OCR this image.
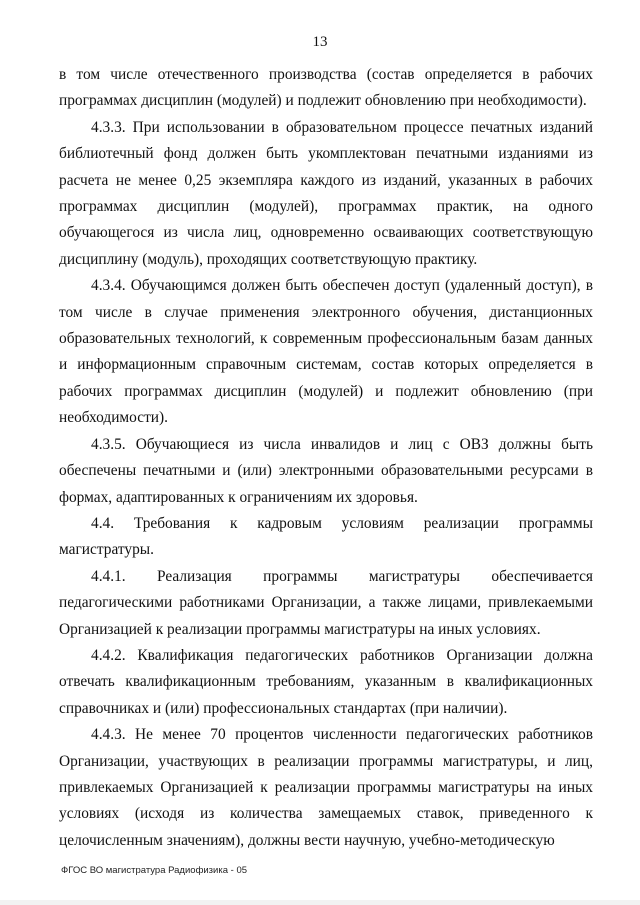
13

в том числе отечественного производства (состав определяется в рабочих программах дисциплин (модулей) и подлежит обновлению при необходимости).

4.3.3. При использовании в образовательном процессе печатных изданий библиотечный фонд должен быть укомплектован печатными изданиями из расчета не менее 0,25 экземпляра каждого из изданий, указанных в рабочих программах дисциплин (модулей), программах практик, на одного обучающегося из числа лиц, одновременно осваивающих соответствующую дисциплину (модуль), проходящих соответствующую практику.

4.3.4. Обучающимся должен быть обеспечен доступ (удаленный доступ), в том числе в случае применения электронного обучения, дистанционных образовательных технологий, к современным профессиональным базам данных и информационным справочным системам, состав которых определяется в рабочих программах дисциплин (модулей) и подлежит обновлению (при необходимости).

4.3.5. Обучающиеся из числа инвалидов и лиц с ОВЗ должны быть обеспечены печатными и (или) электронными образовательными ресурсами в формах, адаптированных к ограничениям их здоровья.

4.4. Требования к кадровым условиям реализации программы магистратуры.

4.4.1. Реализация программы магистратуры обеспечивается педагогическими работниками Организации, а также лицами, привлекаемыми Организацией к реализации программы магистратуры на иных условиях.

4.4.2. Квалификация педагогических работников Организации должна отвечать квалификационным требованиям, указанным в квалификационных справочниках и (или) профессиональных стандартах (при наличии).

4.4.3. Не менее 70 процентов численности педагогических работников Организации, участвующих в реализации программы магистратуры, и лиц, привлекаемых Организацией к реализации программы магистратуры на иных условиях (исходя из количества замещаемых ставок, приведенного к целочисленным значениям), должны вести научную, учебно-методическую

ФГОС ВО магистратура Радиофизика - 05
